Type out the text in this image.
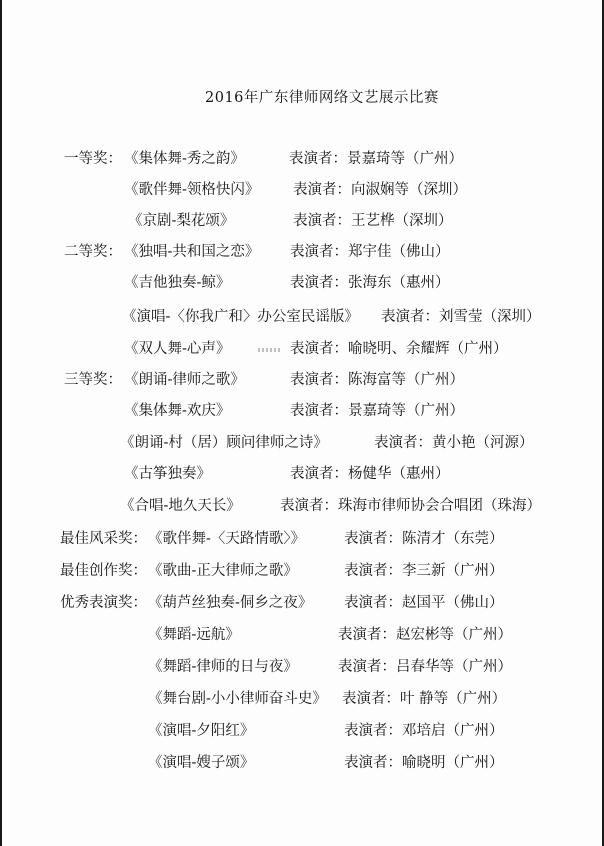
2016年广东律师网络文艺展示比赛
一等奖： 《集体舞-秀之韵》	表演者：景嘉琦等（广州）
《歌伴舞-领格快闪》 表演者：向淑娴等（深圳）
《京剧-梨花颂》	表演者：王艺桦（深圳）
二等奖： 《独唱-共和国之恋》 表演者：郑宇佳（佛山）
《吉他独奏-鲸》	表演者：张海东（惠州）
《演唱-〈你我广和〉办公室民谣版》 表演者：刘雪莹（深圳）
《双人舞-心声》	表演者：喻晓明、余耀辉（广州）
三等奖： 《朗诵-律师之歌》	表演者：陈海富等（广州）
《集体舞-欢庆》	表演者：景嘉琦等（广州）
《朗诵-村（居）顾问律师之诗》	表演者：黄小艳（河源）
《古筝独奏》	表演者：杨健华（惠州）
《合唱-地久天长》	表演者：珠海市律师协会合唱团（珠海）
最佳风采奖： 《歌伴舞-〈天路情歌〉》	表演者：陈清才（东莞）
最佳创作奖： 《歌曲-正大律师之歌》	表演者：李三新（广州）
优秀表演奖： 《葫芦丝独奏-侗乡之夜》 表演者：赵国平（佛山）
《舞蹈-远航》	表演者：赵宏彬等（广州）
《舞蹈-律师的日与夜》	表演者：吕春华等（广州）
《舞台剧-小小律师奋斗史》 表演者：叶 静等（广州）
《演唱-夕阳红》	表演者：邓培启（广州）
《演唱-嫂子颂》	表演者：喻晓明（广州）
